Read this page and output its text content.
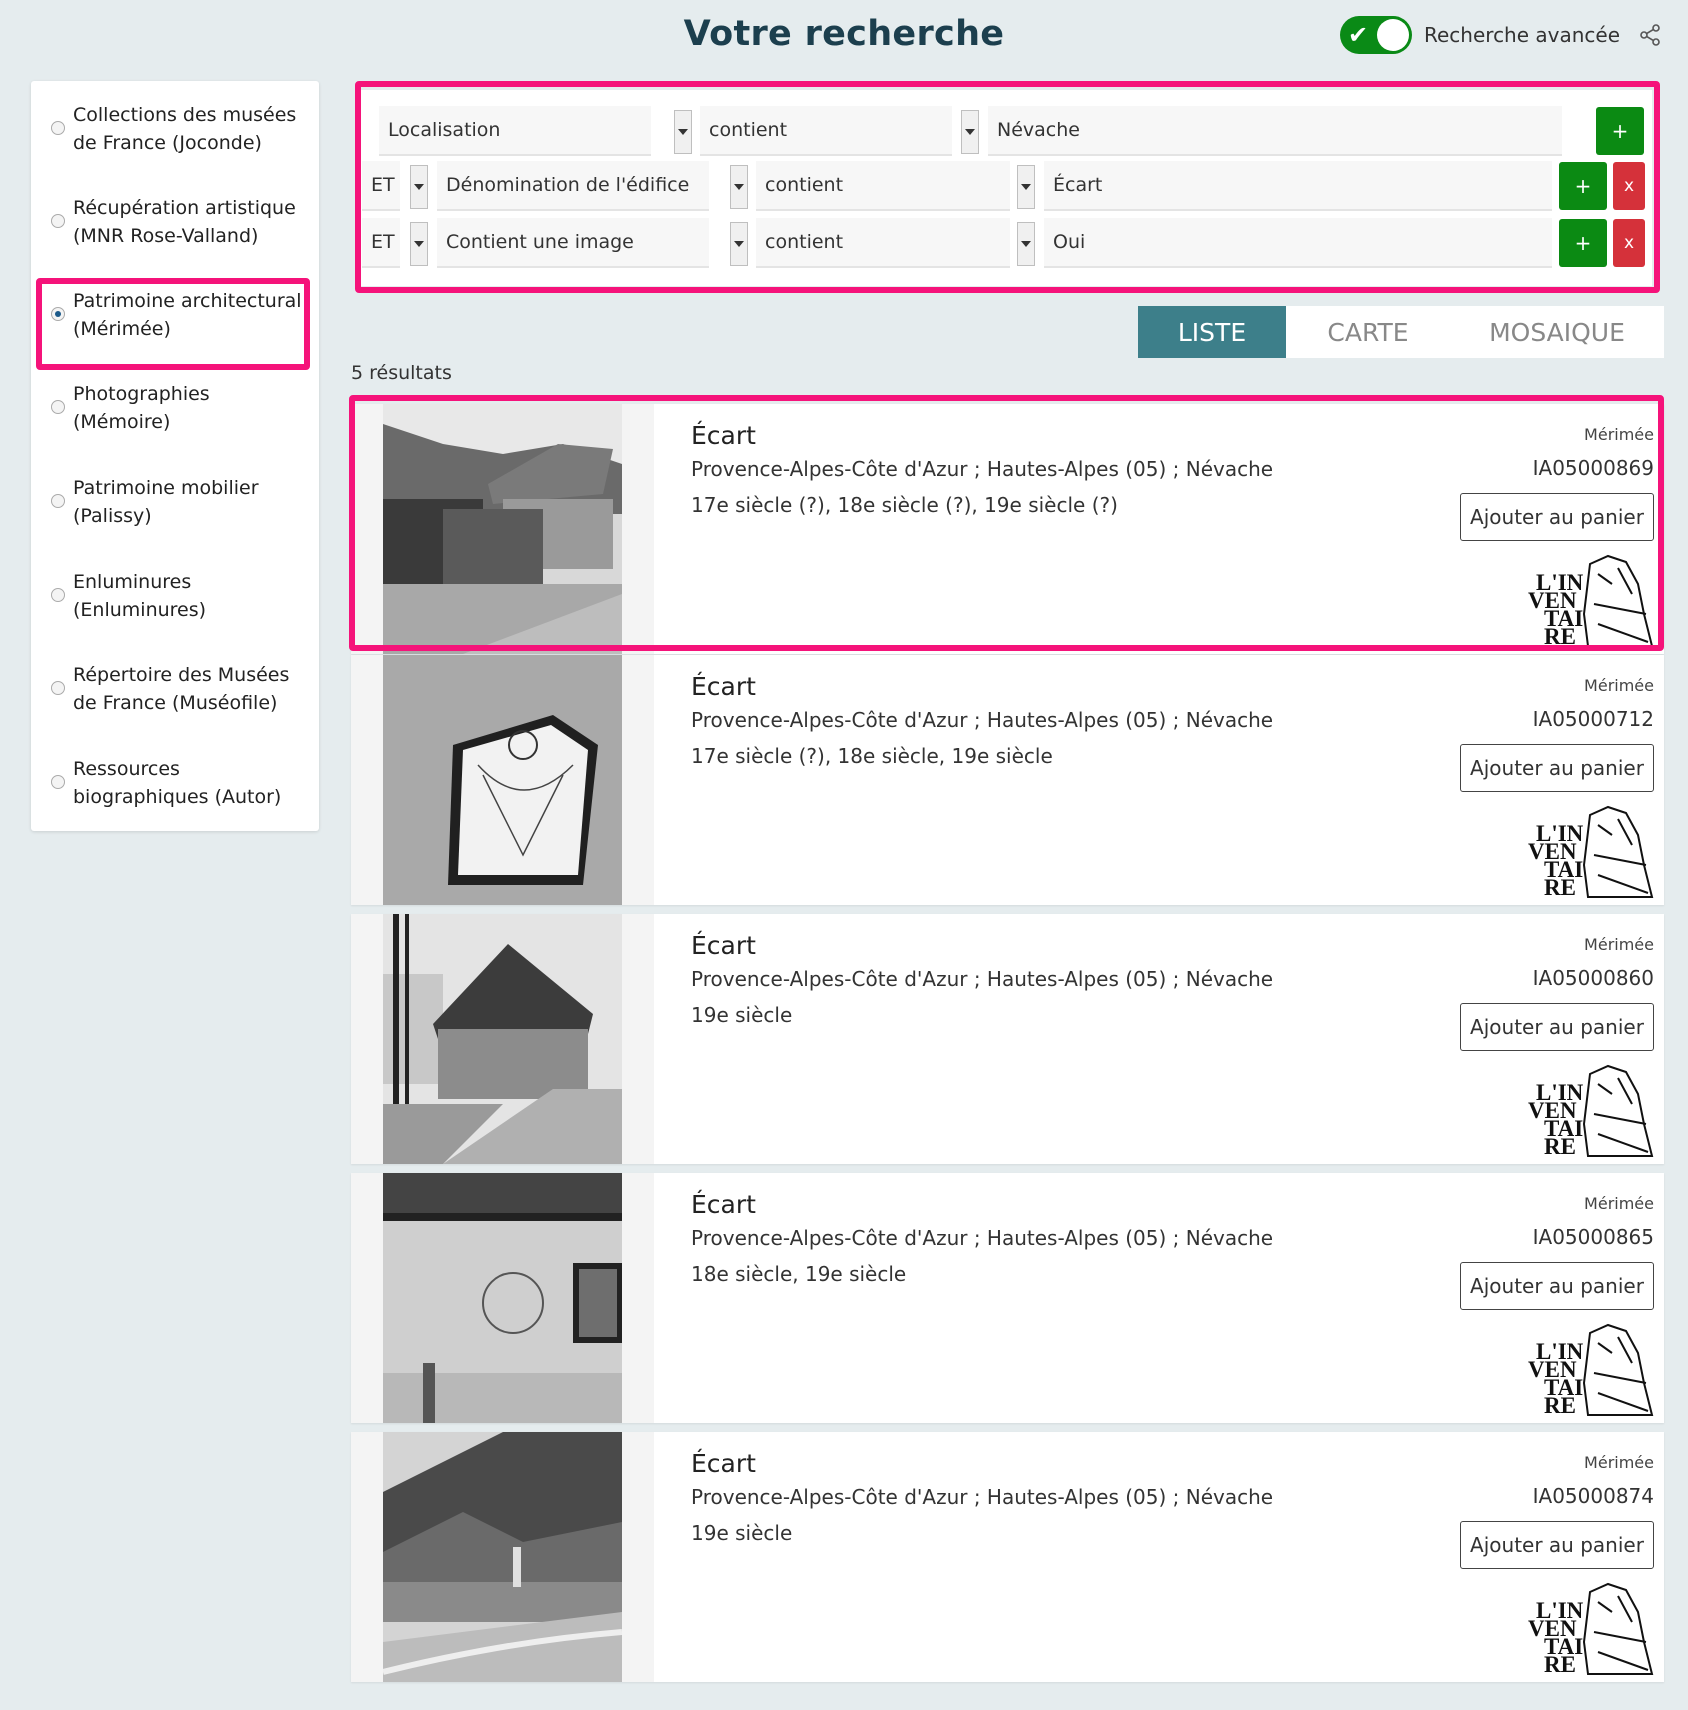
Votre recherche	✔	Recherche avancée
Collections des musées de France (Joconde)
Récupération artistique (MNR Rose-Valland)
Patrimoine architectural (Mérimée)
Photographies (Mémoire)
Patrimoine mobilier (Palissy)
Enluminures (Enluminures)
Répertoire des Musées de France (Muséofile)
Ressources biographiques (Autor)
Localisation	contient	Névache	+
ET	Dénomination de l'édifice	contient	Écart	+	x
ET	Contient une image	contient	Oui	+	x
LISTE	CARTE	MOSAIQUE
5 résultats
Écart
Provence-Alpes-Côte d'Azur ; Hautes-Alpes (05) ; Névache
17e siècle (?), 18e siècle (?), 19e siècle (?)
Mérimée
IA05000869
Ajouter au panier
L'IN
VEN
TAI
RE
Écart
Provence-Alpes-Côte d'Azur ; Hautes-Alpes (05) ; Névache
17e siècle (?), 18e siècle, 19e siècle
Mérimée
IA05000712
Ajouter au panier
L'IN
VEN
TAI
RE
Écart
Provence-Alpes-Côte d'Azur ; Hautes-Alpes (05) ; Névache
19e siècle
Mérimée
IA05000860
Ajouter au panier
L'IN
VEN
TAI
RE
Écart
Provence-Alpes-Côte d'Azur ; Hautes-Alpes (05) ; Névache
18e siècle, 19e siècle
Mérimée
IA05000865
Ajouter au panier
L'IN
VEN
TAI
RE
Écart
Provence-Alpes-Côte d'Azur ; Hautes-Alpes (05) ; Névache
19e siècle
Mérimée
IA05000874
Ajouter au panier
L'IN
VEN
TAI
RE
